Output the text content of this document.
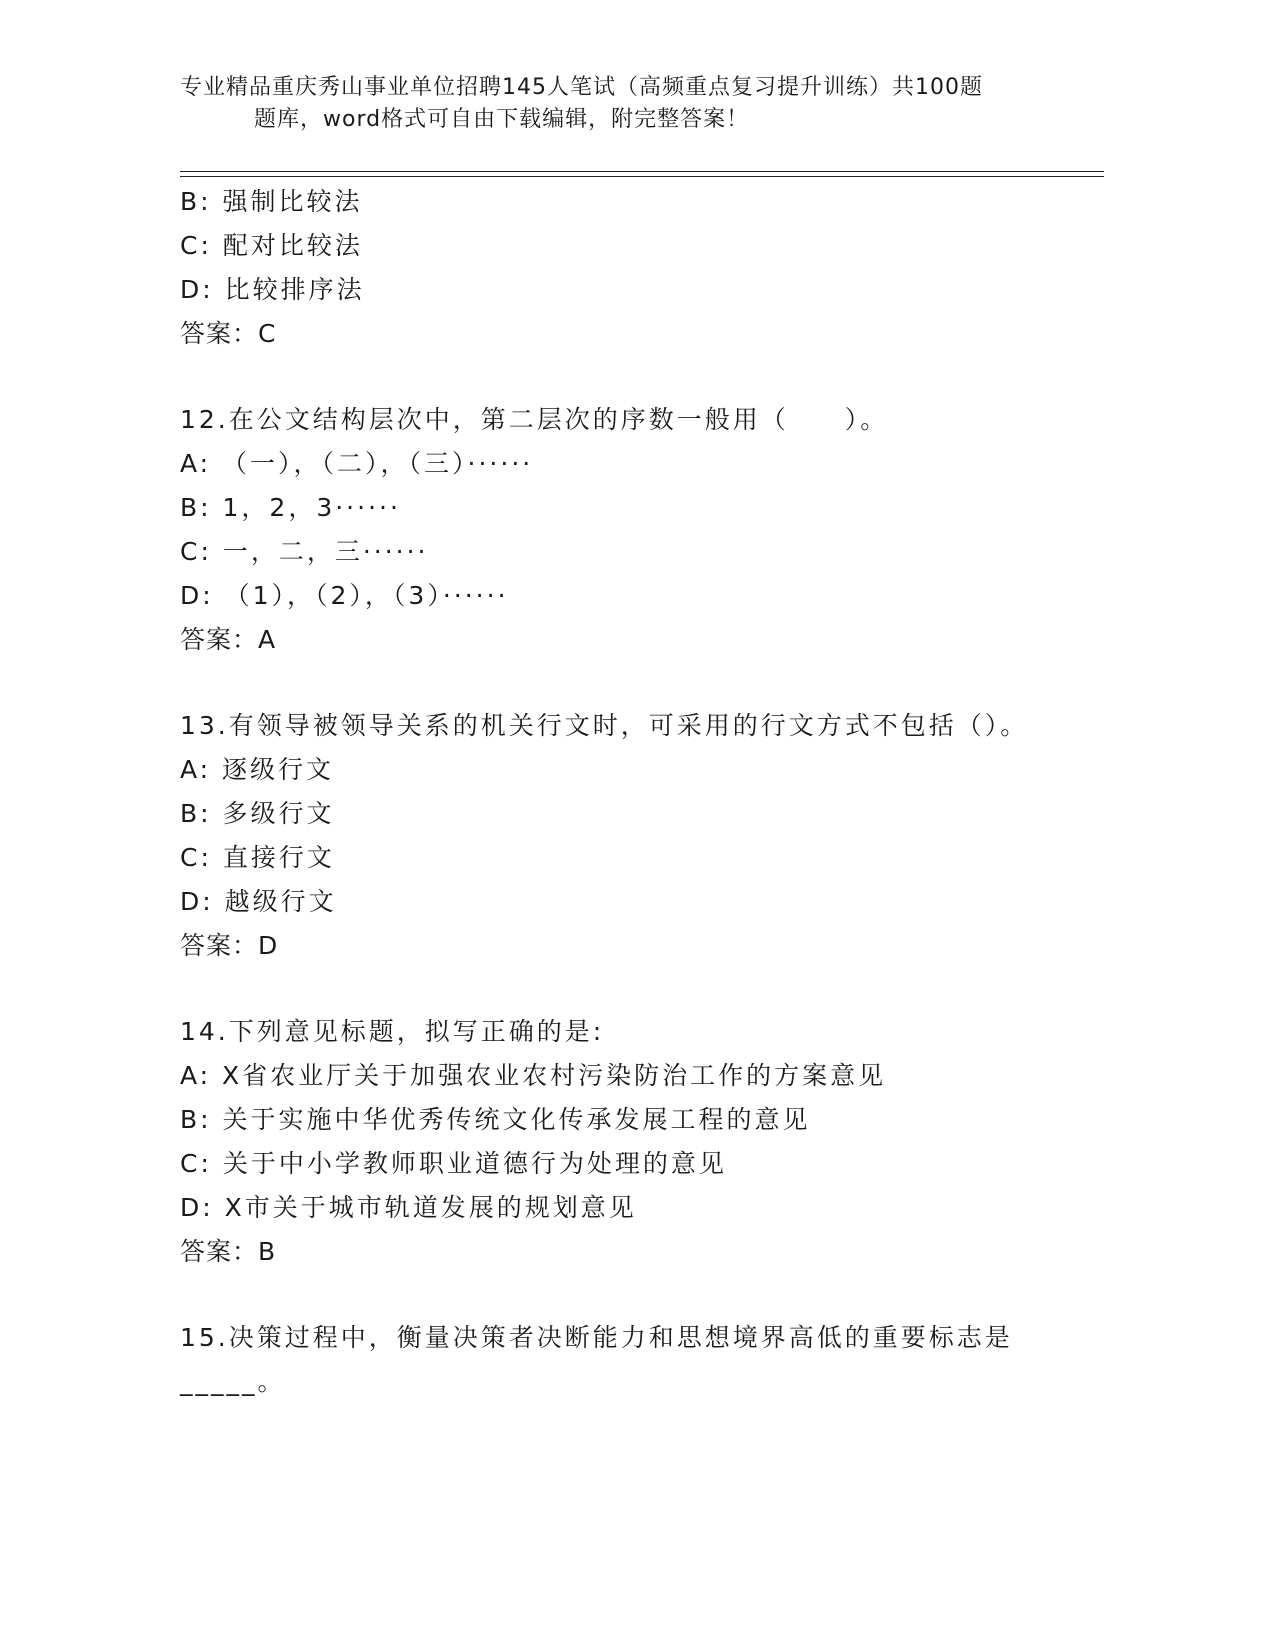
专业精品重庆秀山事业单位招聘145人笔试（高频重点复习提升训练）共100题
题库，word格式可自由下载编辑，附完整答案！
B: 强制比较法
C: 配对比较法
D: 比较排序法
答案：C
12.在公文结构层次中，第二层次的序数一般用（　　）。
A: （一），（二），（三）······
B: 1，2，3······
C: 一，二，三······
D: （1），（2），（3）······
答案：A
13.有领导被领导关系的机关行文时，可采用的行文方式不包括（）。
A: 逐级行文
B: 多级行文
C: 直接行文
D: 越级行文
答案：D
14.下列意见标题，拟写正确的是:
A: X省农业厅关于加强农业农村污染防治工作的方案意见
B: 关于实施中华优秀传统文化传承发展工程的意见
C: 关于中小学教师职业道德行为处理的意见
D: X市关于城市轨道发展的规划意见
答案：B
15.决策过程中，衡量决策者决断能力和思想境界高低的重要标志是
_____。
